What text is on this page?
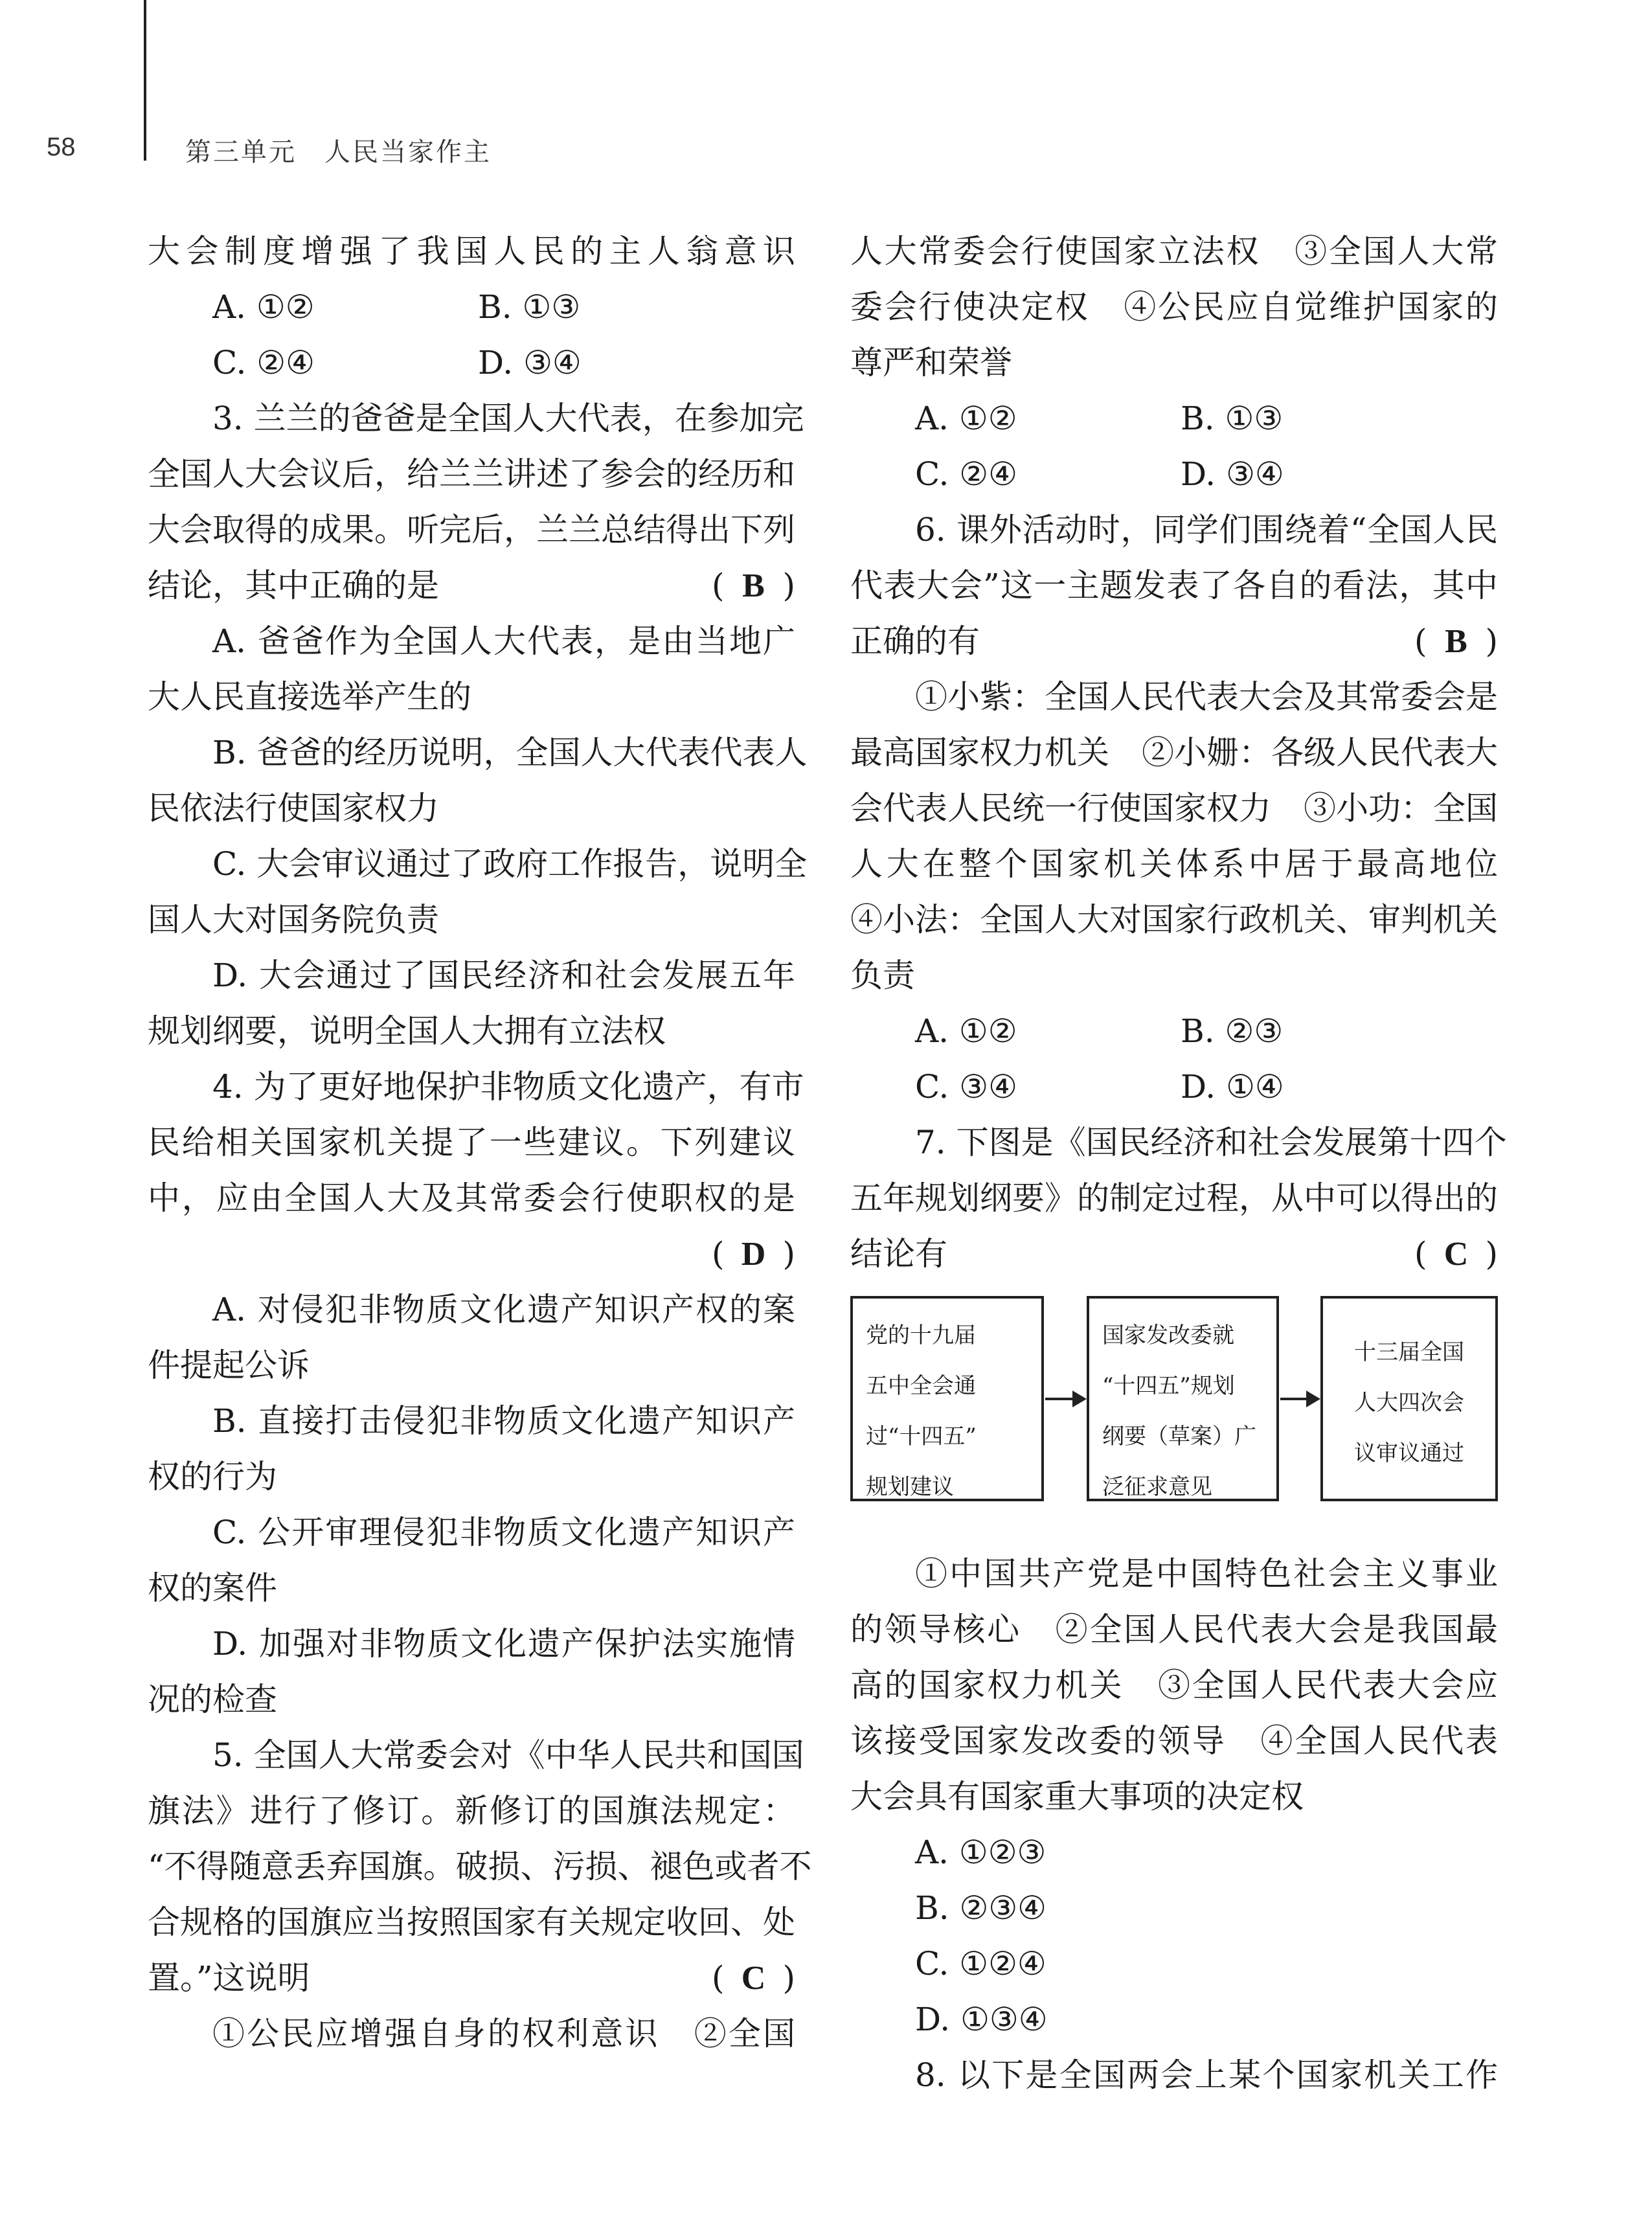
58	第三单元　人民当家作主
大会制度增强了我国人民的主人翁意识
A. ①②	B. ①③
C. ②④	D. ③④
3. 兰兰的爸爸是全国人大代表，在参加完
全国人大会议后，给兰兰讲述了参会的经历和
大会取得的成果。听完后，兰兰总结得出下列
结论，其中正确的是	( B )
A. 爸爸作为全国人大代表，是由当地广
大人民直接选举产生的
B. 爸爸的经历说明，全国人大代表代表人
民依法行使国家权力
C. 大会审议通过了政府工作报告，说明全
国人大对国务院负责
D. 大会通过了国民经济和社会发展五年
规划纲要，说明全国人大拥有立法权
4. 为了更好地保护非物质文化遗产，有市
民给相关国家机关提了一些建议。下列建议
中，应由全国人大及其常委会行使职权的是
( D )
A. 对侵犯非物质文化遗产知识产权的案
件提起公诉
B. 直接打击侵犯非物质文化遗产知识产
权的行为
C. 公开审理侵犯非物质文化遗产知识产
权的案件
D. 加强对非物质文化遗产保护法实施情
况的检查
5. 全国人大常委会对《中华人民共和国国
旗法》进行了修订。新修订的国旗法规定：
“不得随意丢弃国旗。破损、污损、褪色或者不
合规格的国旗应当按照国家有关规定收回、处
置。”这说明	( C )
①公民应增强自身的权利意识　②全国
人大常委会行使国家立法权　③全国人大常
委会行使决定权　④公民应自觉维护国家的
尊严和荣誉
A. ①②	B. ①③
C. ②④	D. ③④
6. 课外活动时，同学们围绕着“全国人民
代表大会”这一主题发表了各自的看法，其中
正确的有	( B )
①小紫：全国人民代表大会及其常委会是
最高国家权力机关　②小姗：各级人民代表大
会代表人民统一行使国家权力　③小功：全国
人大在整个国家机关体系中居于最高地位
④小法：全国人大对国家行政机关、审判机关
负责
A. ①②	B. ②③
C. ③④	D. ①④
7. 下图是《国民经济和社会发展第十四个
五年规划纲要》的制定过程，从中可以得出的
结论有	( C )
党的十九届
五中全会通
过“十四五”
规划建议
国家发改委就
“十四五”规划
纲要（草案）广
泛征求意见
十三届全国
人大四次会
议审议通过
①中国共产党是中国特色社会主义事业
的领导核心　②全国人民代表大会是我国最
高的国家权力机关　③全国人民代表大会应
该接受国家发改委的领导　④全国人民代表
大会具有国家重大事项的决定权
A. ①②③
B. ②③④
C. ①②④
D. ①③④
8. 以下是全国两会上某个国家机关工作
